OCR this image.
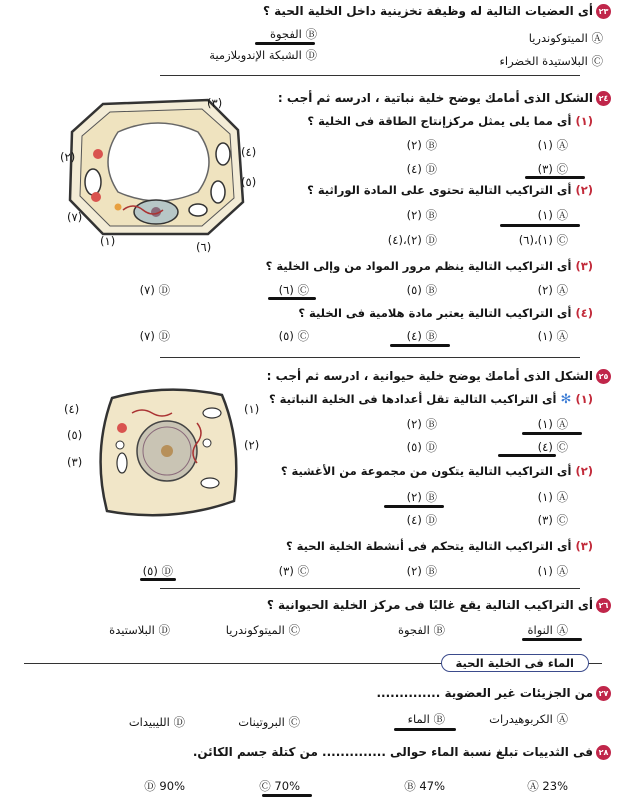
٢٣
أى العضيات التالية له وظيفة تخزينية داخل الخلية الحية ؟
Ⓐ الميتوكوندريا
Ⓑ الفجوة
Ⓒ البلاستيدة الخضراء
Ⓓ الشبكة الإندوبلازمية
٢٤
الشكل الذى أمامك يوضح خلية نباتية ، ادرسه ثم أجب :
(٣)
(٢)	(٤)
(٥)
(٧)
(١)	(٦)
(١) أى مما يلى يمثل مركزإنتاج الطاقة فى الخلية ؟
Ⓐ (١)
Ⓑ (٢)
Ⓒ (٣)
Ⓓ (٤)
(٢) أى التراكيب التالية تحتوى على المادة الوراثية ؟
Ⓐ (١)
Ⓑ (٢)
Ⓒ (١)،(٦)
Ⓓ (٢)،(٤)
(٣) أى التراكيب التالية ينظم مرور المواد من وإلى الخلية ؟
Ⓐ (٢)
Ⓑ (٥)
Ⓒ (٦)
Ⓓ (٧)
(٤) أى التراكيب التالية يعتبر مادة هلامية فى الخلية ؟
Ⓐ (١)
Ⓑ (٤)
Ⓒ (٥)
Ⓓ (٧)
٢٥
الشكل الذى أمامك يوضح خلية حيوانية ، ادرسه ثم أجب :
(٤)	(١)
(٥)
(٢)
(٣)
(١) ✻ أى التراكيب التالية تقل أعدادها فى الخلية النباتية ؟
Ⓐ (١)
Ⓑ (٢)
Ⓒ (٤)
Ⓓ (٥)
(٢) أى التراكيب التالية يتكون من مجموعة من الأغشية ؟
Ⓐ (١)
Ⓑ (٢)
Ⓒ (٣)
Ⓓ (٤)
(٣) أى التراكيب التالية يتحكم فى أنشطة الخلية الحية ؟
Ⓐ (١)
Ⓑ (٢)
Ⓒ (٣)
Ⓓ (٥)
٢٦
أى التراكيب التالية يقع غالبًا فى مركز الخلية الحيوانية ؟
Ⓐ النواة
Ⓑ الفجوة
Ⓒ الميتوكوندريا
Ⓓ البلاستيدة
الماء فى الخلية الحية
٢٧
من الجزيئات غير العضوية ..............
Ⓐ الكربوهيدرات
Ⓑ الماء
Ⓒ البروتينات
Ⓓ الليبيدات
٢٨
فى الثدييات تبلغ نسبة الماء حوالى .............. من كتلة جسم الكائن.
Ⓐ 23%
Ⓑ 47%
Ⓒ 70%
Ⓓ 90%
